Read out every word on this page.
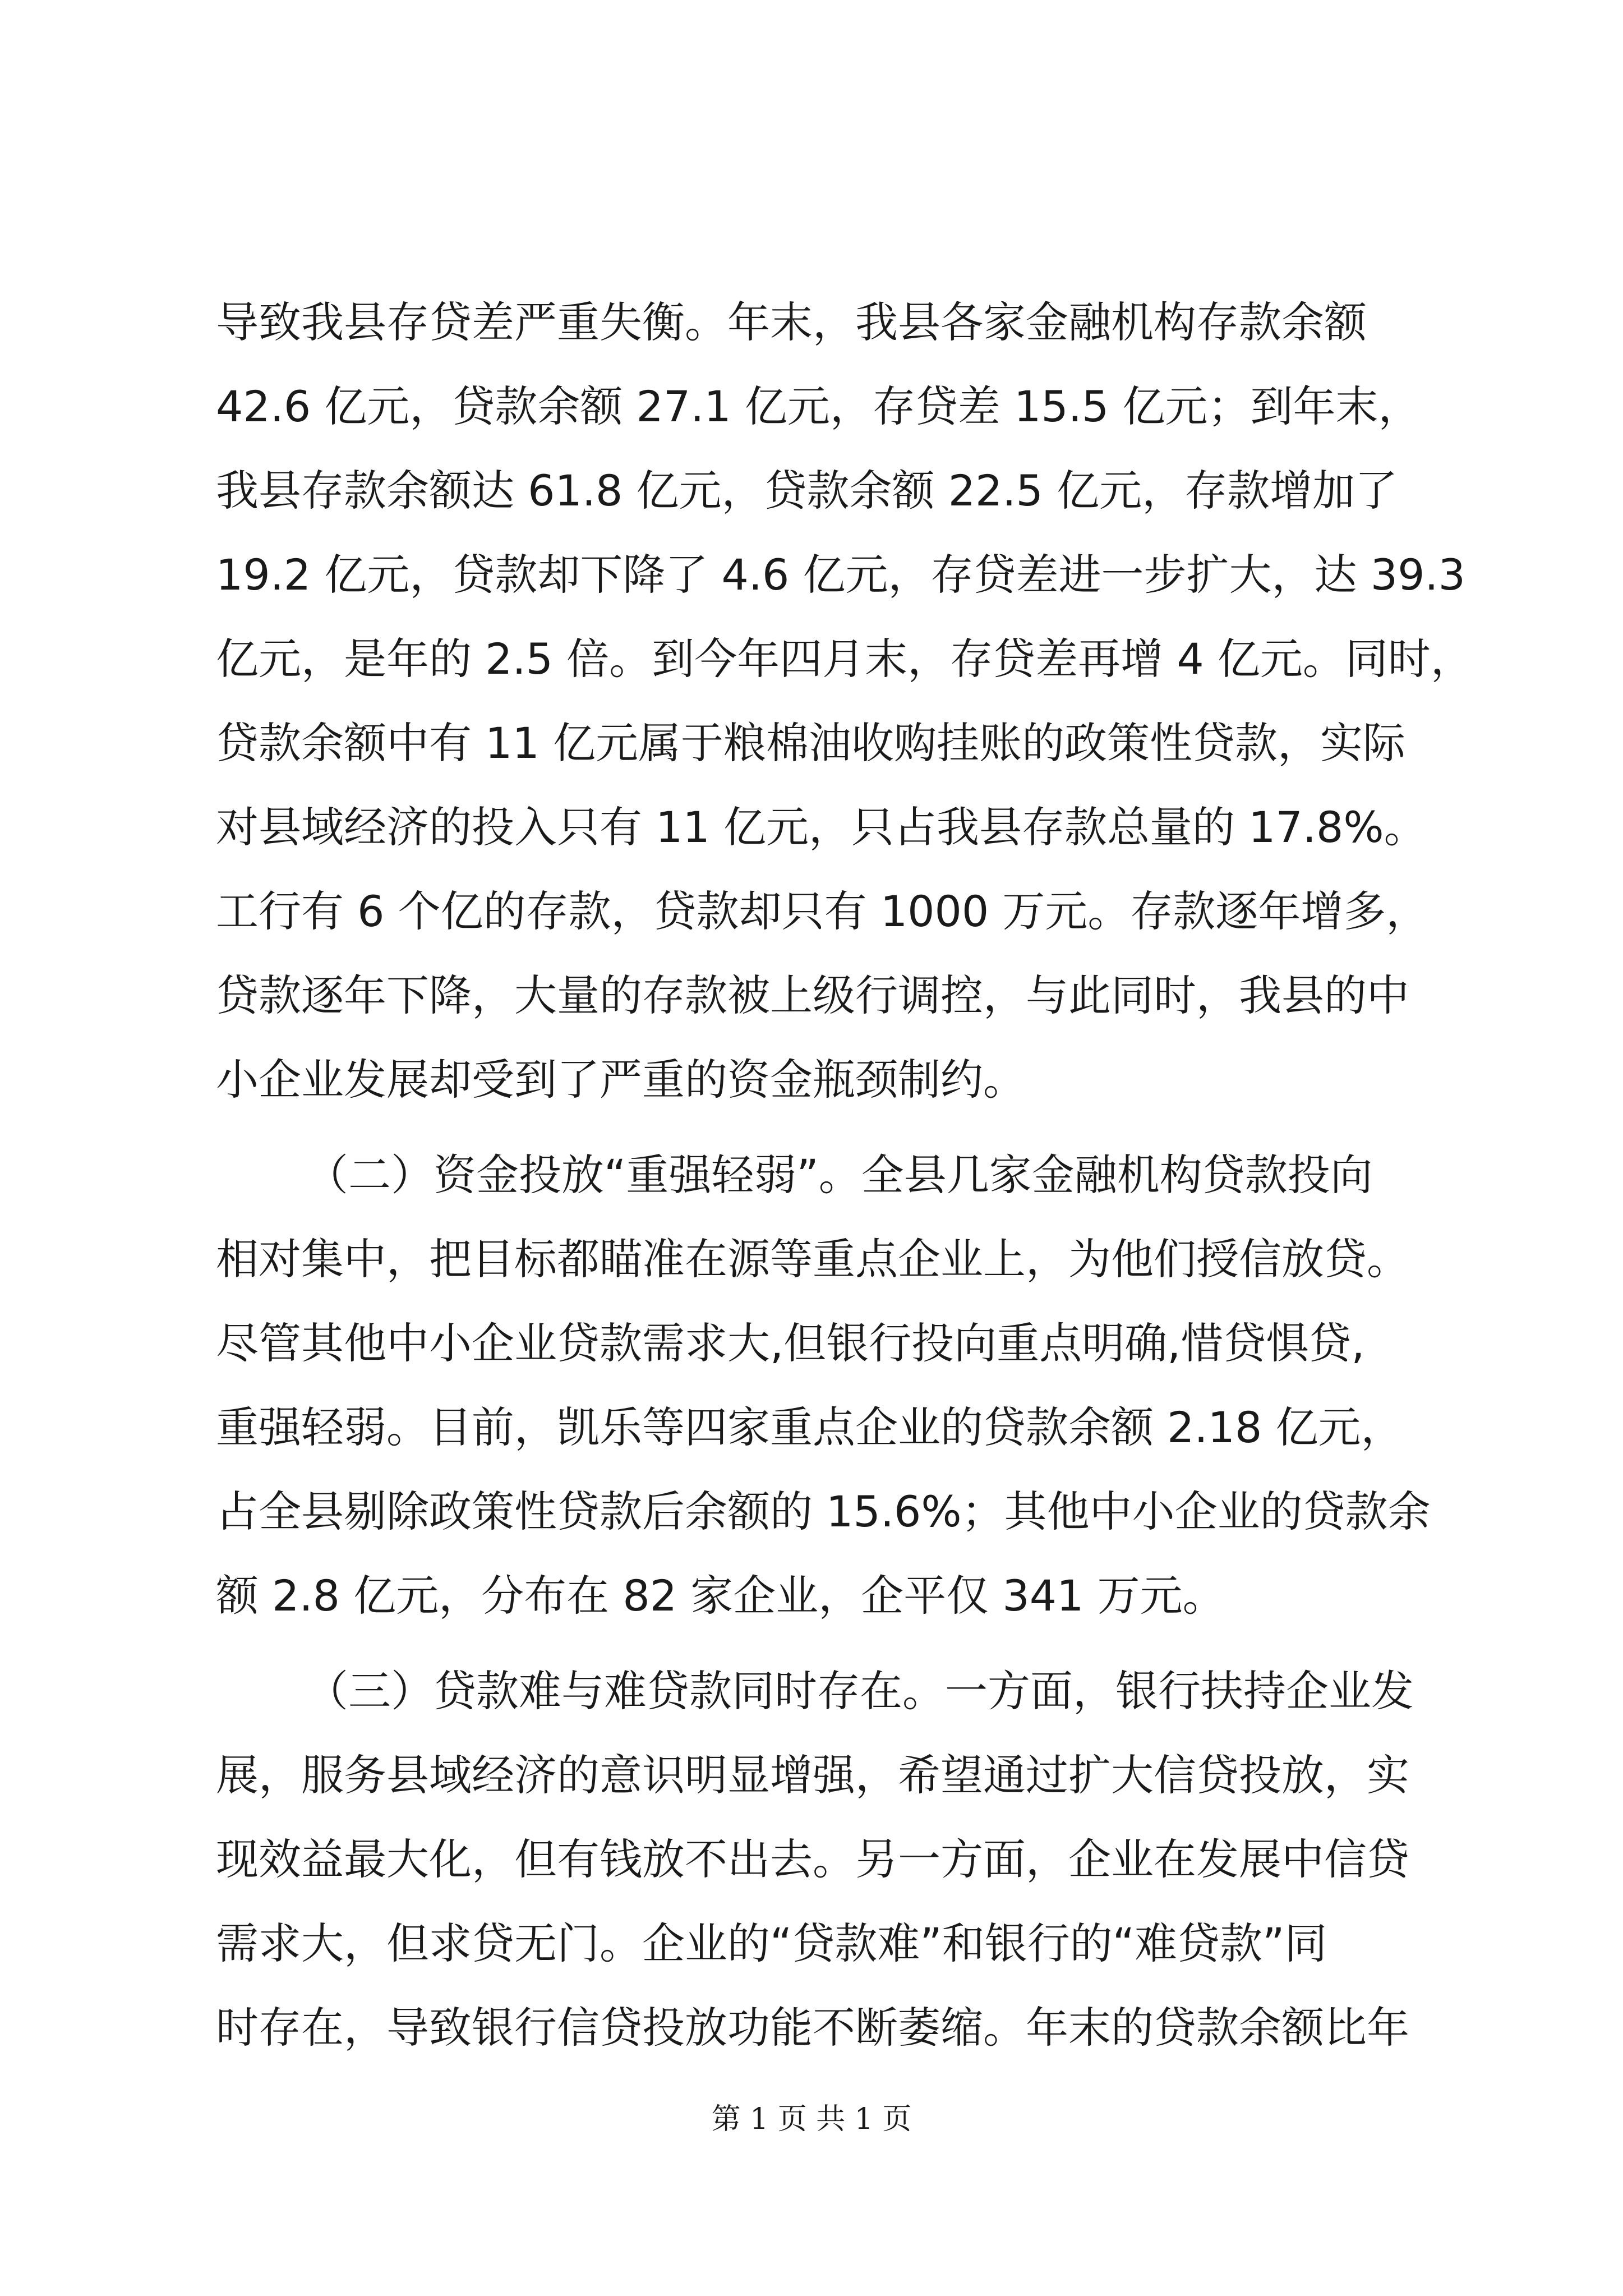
导致我县存贷差严重失衡。年末，我县各家金融机构存款余额
42.6 亿元，贷款余额 27.1 亿元，存贷差 15.5 亿元；到年末，
我县存款余额达 61.8 亿元，贷款余额 22.5 亿元，存款增加了
19.2 亿元，贷款却下降了 4.6 亿元，存贷差进一步扩大，达 39.3
亿元，是年的 2.5 倍。到今年四月末，存贷差再增 4 亿元。同时，
贷款余额中有 11 亿元属于粮棉油收购挂账的政策性贷款，实际
对县域经济的投入只有 11 亿元，只占我县存款总量的 17.8%。
工行有 6 个亿的存款，贷款却只有 1000 万元。存款逐年增多，
贷款逐年下降，大量的存款被上级行调控，与此同时，我县的中
小企业发展却受到了严重的资金瓶颈制约。
（二）资金投放“重强轻弱”。全县几家金融机构贷款投向
相对集中，把目标都瞄准在源等重点企业上，为他们授信放贷。
尽管其他中小企业贷款需求大,但银行投向重点明确,惜贷惧贷,
重强轻弱。目前，凯乐等四家重点企业的贷款余额 2.18 亿元，
占全县剔除政策性贷款后余额的 15.6%；其他中小企业的贷款余
额 2.8 亿元，分布在 82 家企业，企平仅 341 万元。
（三）贷款难与难贷款同时存在。一方面，银行扶持企业发
展，服务县域经济的意识明显增强，希望通过扩大信贷投放，实
现效益最大化，但有钱放不出去。另一方面，企业在发展中信贷
需求大，但求贷无门。企业的“贷款难”和银行的“难贷款”同
时存在，导致银行信贷投放功能不断萎缩。年末的贷款余额比年
第 1 页 共 1 页
